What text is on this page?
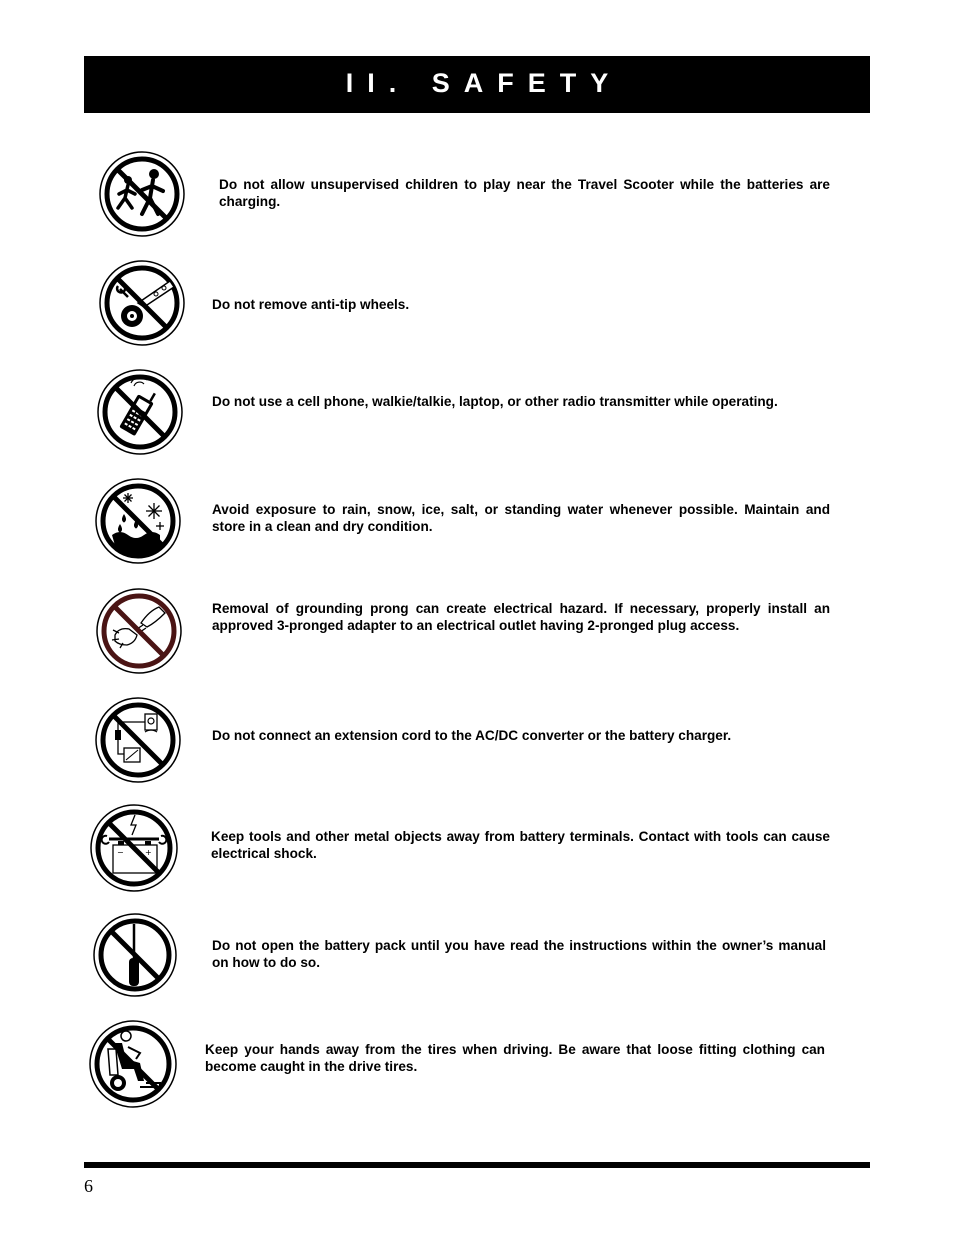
II. SAFETY
Do not allow unsupervised children to play near the Travel Scooter while the batteries are charging.
Do not remove anti-tip wheels.
Do not use a cell phone, walkie/talkie, laptop, or other radio transmitter while operating.
Avoid exposure to rain, snow, ice, salt, or standing water whenever possible. Maintain and store in a clean and dry condition.
Removal of grounding prong can create electrical hazard. If necessary, properly install an approved 3-pronged adapter to an electrical outlet having 2-pronged plug access.
Do not connect an extension cord to the AC/DC converter or the battery charger.
−	+
Keep tools and other metal objects away from battery terminals. Contact with tools can cause electrical shock.
Do not open the battery pack until you have read the instructions within the owner’s manual on how to do so.
Keep your hands away from the tires when driving. Be aware that loose fitting clothing can become caught in the drive tires.
6
